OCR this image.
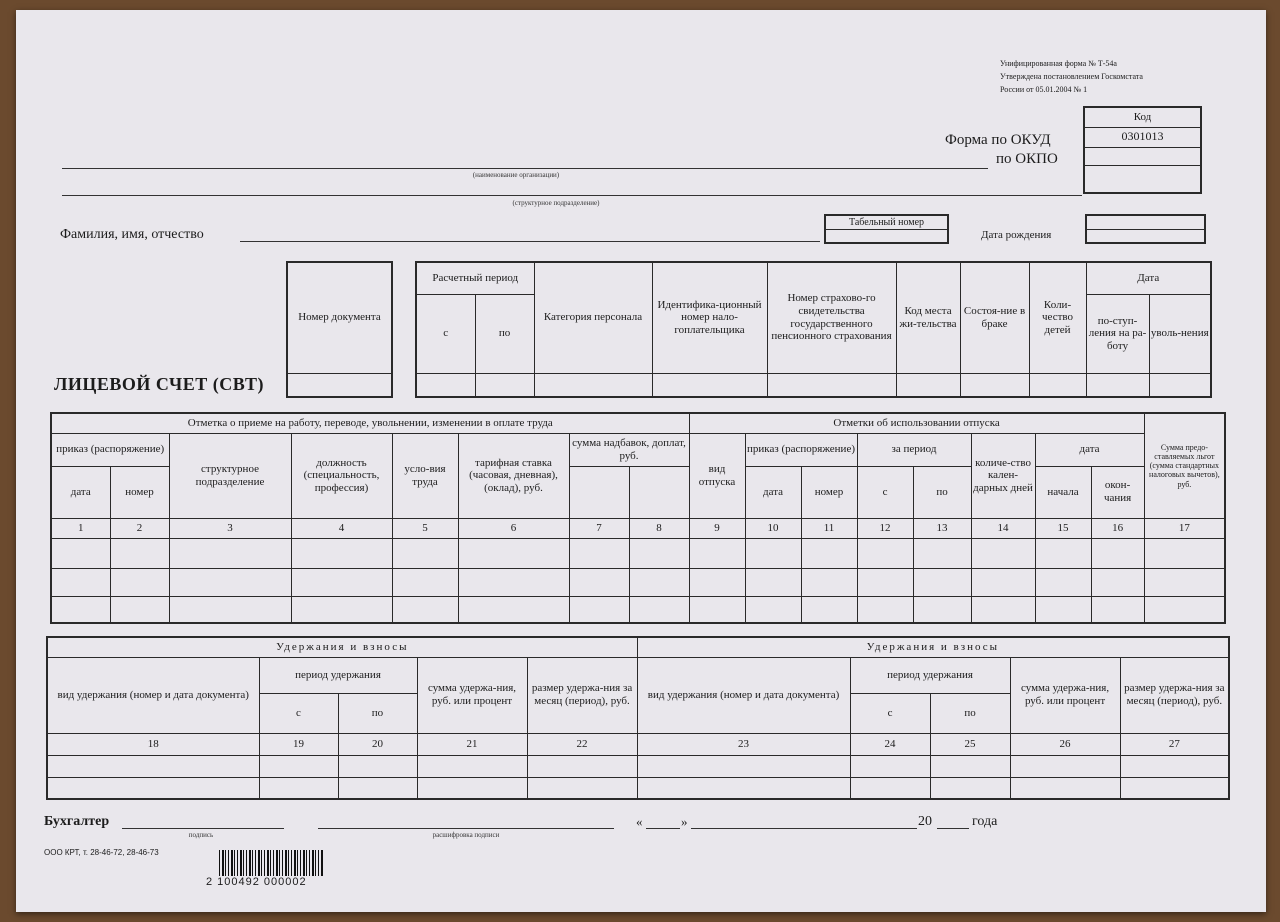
Унифицированная форма № Т-54а
Утверждена постановлением Госкомстата
России от 05.01.2004 № 1
Код
0301013

Форма по ОКУД
по ОКПО
(наименование организации)
(структурное подразделение)
Табельный номер

Фамилия, имя, отчество	Дата рождения

Номер документа

Расчетный период		Категория персонала	Идентифика-ционный номер нало-гоплательщика	Номер страхово-го свидетельства государственного пенсионного страхования	Код места жи-тельства	Состоя-ние в браке	Коли-чество детей	Дата	
с	по							по-ступ-ления на ра-боту	уволь-нения

ЛИЦЕВОЙ СЧЕТ (СВТ)
Отметка о приеме на работу, переводе, увольнении, изменении в оплате труда								Отметки об использовании отпуска								Сумма предо-ставляемых льгот (сумма стандартных налоговых вычетов), руб.
приказ (распоряжение)		структурное подразделение	должность (специальность, профессия)	усло-вия труда	тарифная ставка (часовая, дневная), (оклад), руб.	сумма надбавок, доплат, руб.		вид отпуска	приказ (распоряжение)		за период		количе-ство кален-дарных дней	дата		
дата	номер								дата	номер	с	по		начала	окон-чания	
1	2	3	4	5	6	7	8	9	10	11	12	13	14	15	16	17

Удержания и взносы					Удержания и взносы				
вид удержания (номер и дата документа)	период удержания		сумма удержа-ния, руб. или процент	размер удержа-ния за месяц (период), руб.	вид удержания (номер и дата документа)	период удержания		сумма удержа-ния, руб. или процент	размер удержа-ния за месяц (период), руб.
	с	по				с	по		
18	19	20	21	22	23	24	25	26	27

Бухгалтер
подпись	расшифровка подписи
«	»	20	года
ООО КРТ, т. 28-46-72, 28-46-73
2 100492 000002
